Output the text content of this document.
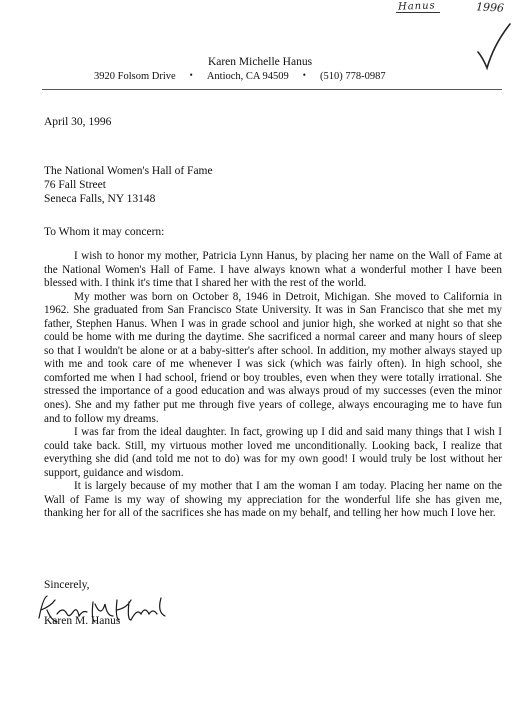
Hanus	1996
Karen Michelle Hanus
3920 Folsom Drive • Antioch, CA 94509 • (510) 778-0987
April 30, 1996
The National Women's Hall of Fame
76 Fall Street
Seneca Falls, NY 13148
To Whom it may concern:

I wish to honor my mother, Patricia Lynn Hanus, by placing her name on the Wall of Fame at the National Women's Hall of Fame. I have always known what a wonderful mother I have been blessed with. I think it's time that I shared her with the rest of the world.

My mother was born on October 8, 1946 in Detroit, Michigan. She moved to California in 1962. She graduated from San Francisco State University. It was in San Francisco that she met my father, Stephen Hanus. When I was in grade school and junior high, she worked at night so that she could be home with me during the daytime. She sacrificed a normal career and many hours of sleep so that I wouldn't be alone or at a baby-sitter's after school. In addition, my mother always stayed up with me and took care of me whenever I was sick (which was fairly often). In high school, she comforted me when I had school, friend or boy troubles, even when they were totally irrational. She stressed the importance of a good education and was always proud of my successes (even the minor ones). She and my father put me through five years of college, always encouraging me to have fun and to follow my dreams.

I was far from the ideal daughter. In fact, growing up I did and said many things that I wish I could take back. Still, my virtuous mother loved me unconditionally. Looking back, I realize that everything she did (and told me not to do) was for my own good! I would truly be lost without her support, guidance and wisdom.

It is largely because of my mother that I am the woman I am today. Placing her name on the Wall of Fame is my way of showing my appreciation for the wonderful life she has given me, thanking her for all of the sacrifices she has made on my behalf, and telling her how much I love her.

Sincerely,
Karen M. Hanus
